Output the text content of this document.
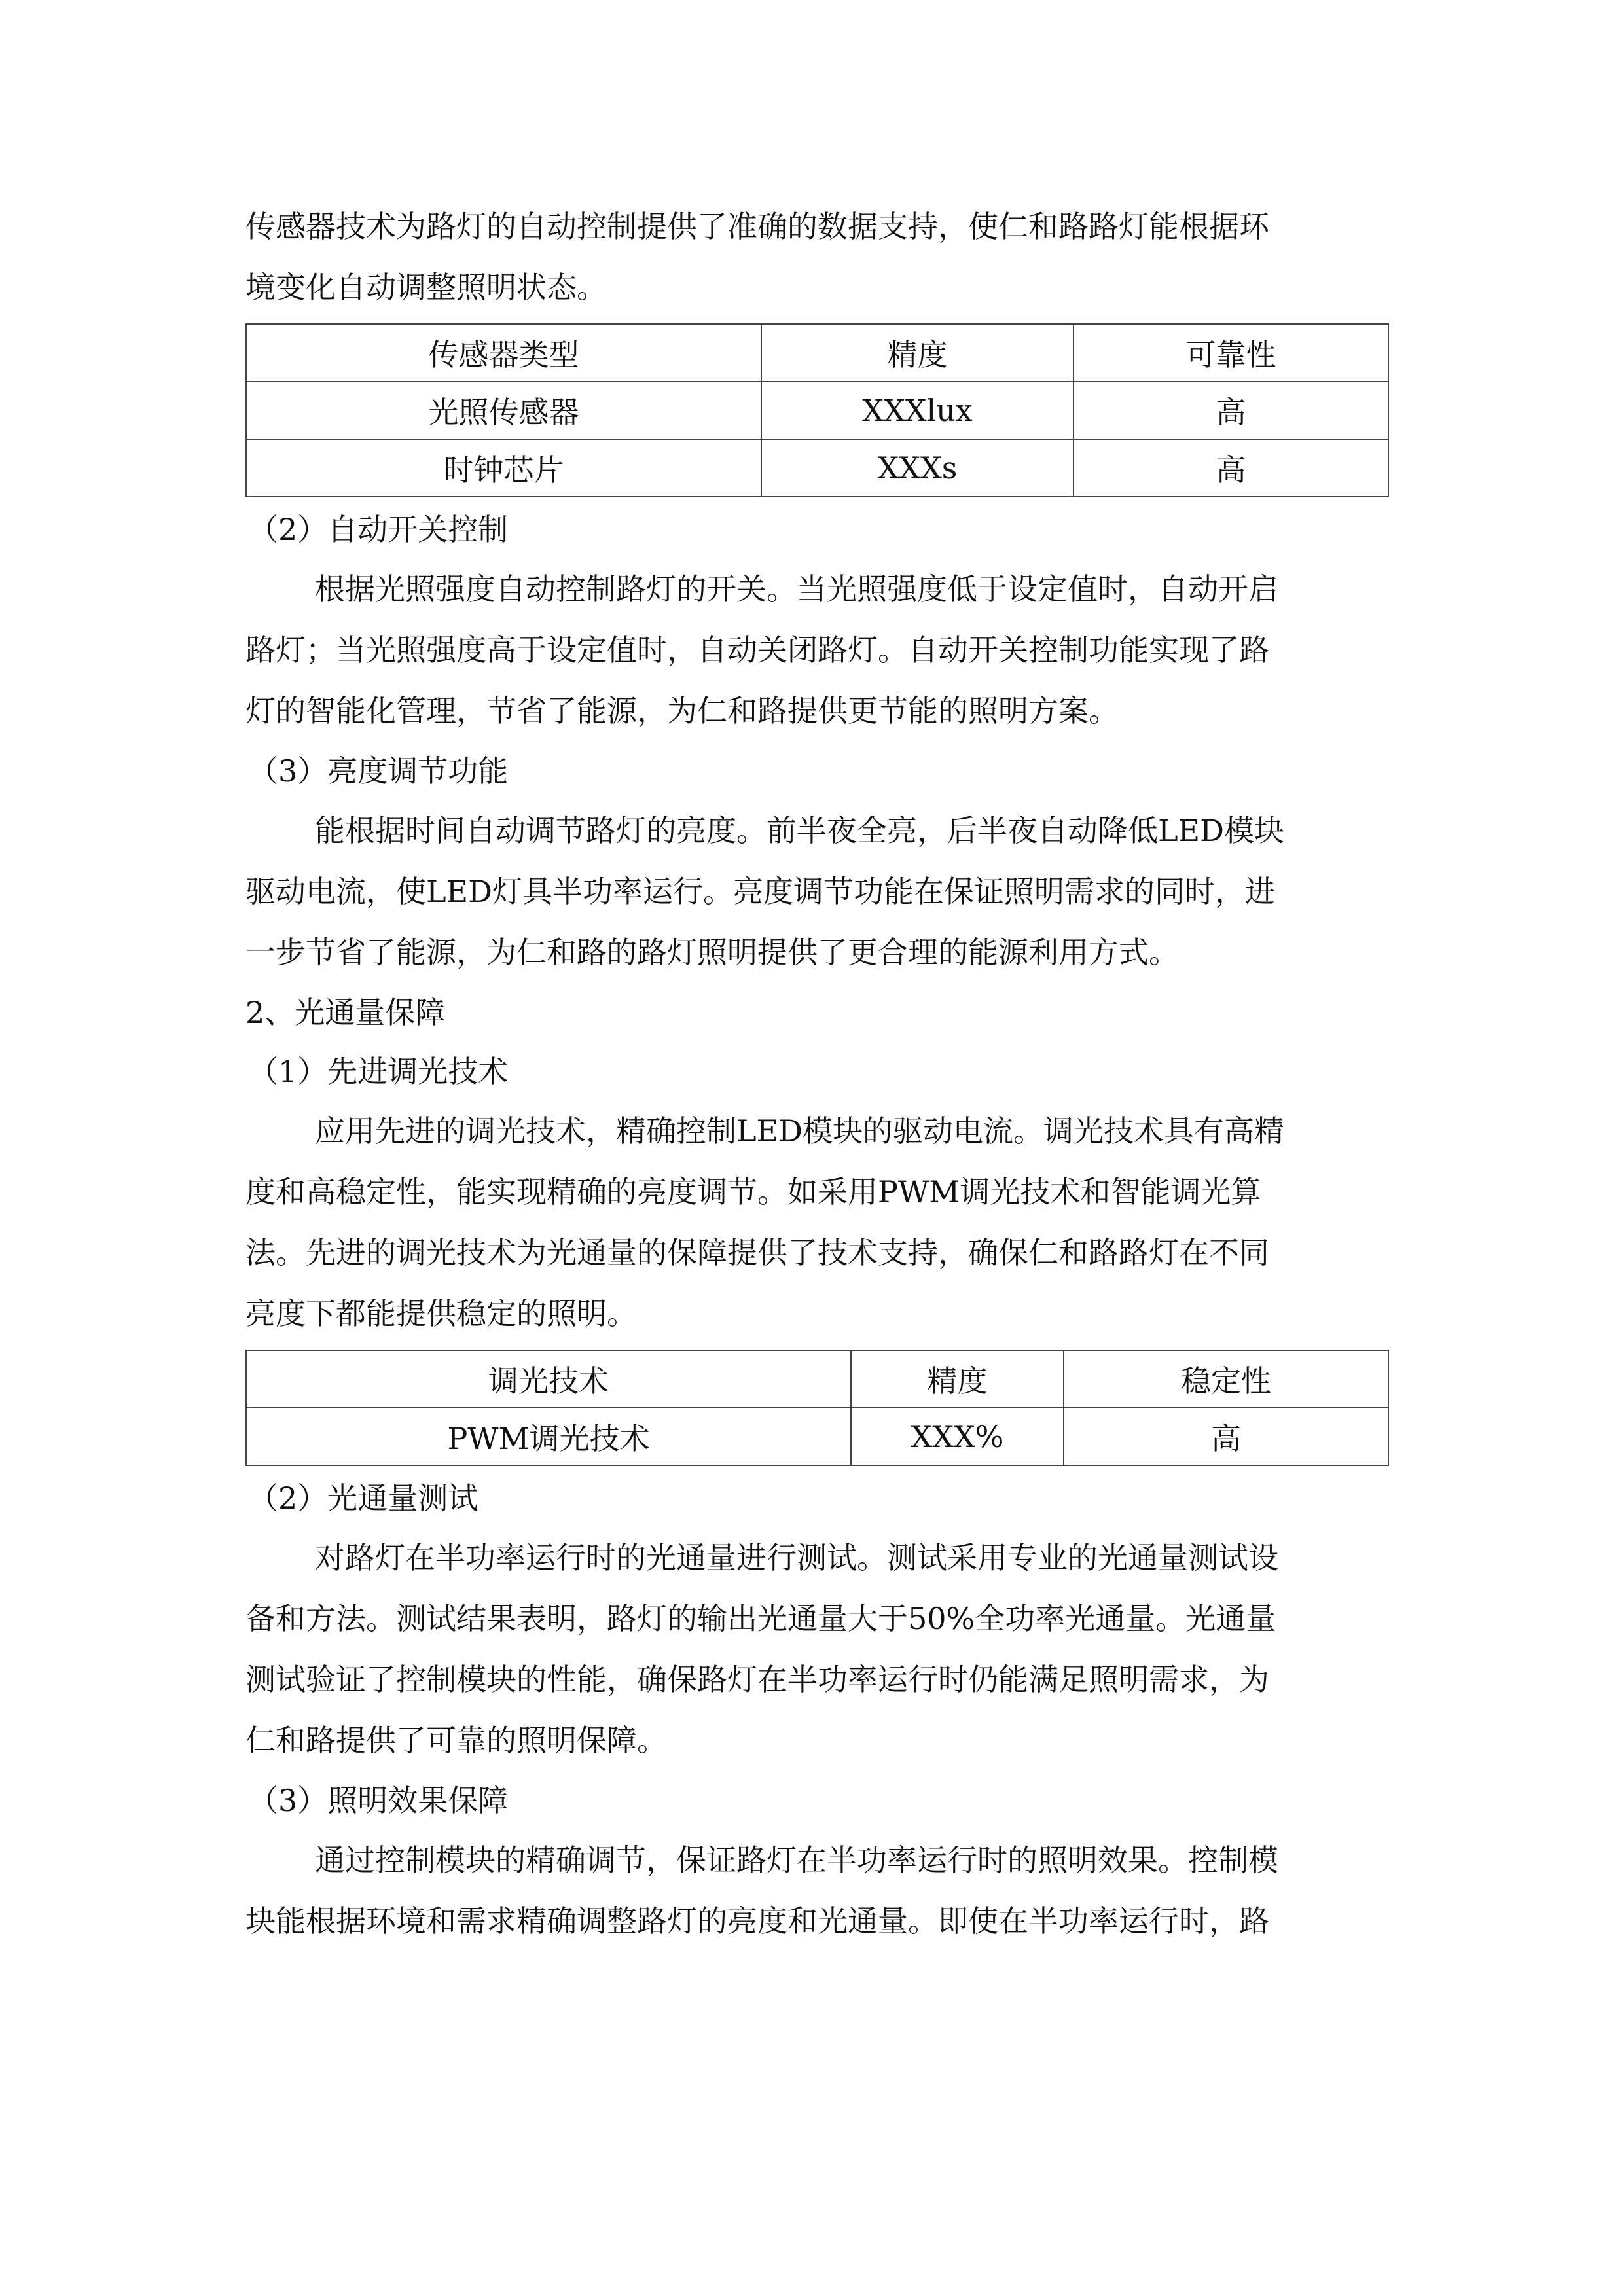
传感器技术为路灯的自动控制提供了准确的数据支持，使仁和路路灯能根据环

境变化自动调整照明状态。

传感器类型	精度	可靠性
光照传感器	XXXlux	高
时钟芯片	XXXs	高

（2）自动开关控制

根据光照强度自动控制路灯的开关。当光照强度低于设定值时，自动开启

路灯；当光照强度高于设定值时，自动关闭路灯。自动开关控制功能实现了路

灯的智能化管理，节省了能源，为仁和路提供更节能的照明方案。

（3）亮度调节功能

能根据时间自动调节路灯的亮度。前半夜全亮，后半夜自动降低LED模块

驱动电流，使LED灯具半功率运行。亮度调节功能在保证照明需求的同时，进

一步节省了能源，为仁和路的路灯照明提供了更合理的能源利用方式。

2、光通量保障

（1）先进调光技术

应用先进的调光技术，精确控制LED模块的驱动电流。调光技术具有高精

度和高稳定性，能实现精确的亮度调节。如采用PWM调光技术和智能调光算

法。先进的调光技术为光通量的保障提供了技术支持，确保仁和路路灯在不同

亮度下都能提供稳定的照明。

调光技术	精度	稳定性
PWM调光技术	XXX%	高

（2）光通量测试

对路灯在半功率运行时的光通量进行测试。测试采用专业的光通量测试设

备和方法。测试结果表明，路灯的输出光通量大于50%全功率光通量。光通量

测试验证了控制模块的性能，确保路灯在半功率运行时仍能满足照明需求，为

仁和路提供了可靠的照明保障。

（3）照明效果保障

通过控制模块的精确调节，保证路灯在半功率运行时的照明效果。控制模

块能根据环境和需求精确调整路灯的亮度和光通量。即使在半功率运行时，路
